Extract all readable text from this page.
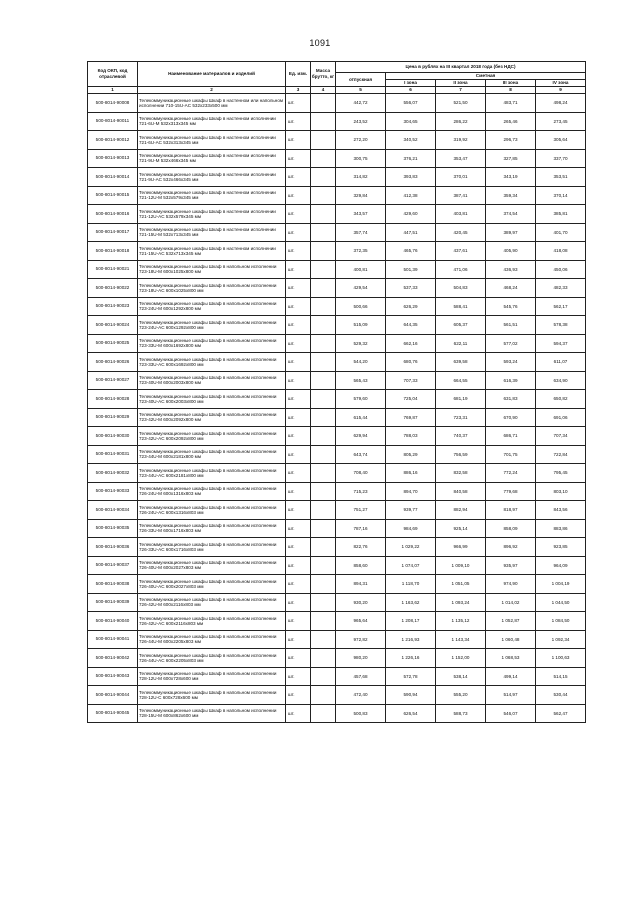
1091
Код ОКП, код отраслевой	Наименование материалов и изделий	Ед. изм.	Масса брутто, кг	Цена в рублях на III квартал 2018 года (без НДС)				
				отпускная	Сметная			
					I зона	II зона	III зона	IV зона
1	2	3	4	5	6	7	8	9
500-8014-90008	Телекоммуникационные шкафы Шкаф в настенном или напольном исполнении 710-15U-AC 532х233х500 мм	шт.		442,72	556,07	521,50	483,71	498,24
500-8014-90011	Телекоммуникационные шкафы Шкаф в настенном исполнении 721-6U-M 532х313х345 мм	шт.		243,52	304,65	286,22	265,46	273,45
500-8014-90012	Телекоммуникационные шкафы Шкаф в настенном исполнении 721-6U-AC 532х313х345 мм	шт.		272,20	340,52	319,92	296,73	305,64
500-8014-90013	Телекоммуникационные шкафы Шкаф в настенном исполнении 721-9U-M 532х466х345 мм	шт.		300,75	376,21	353,47	327,85	337,70
500-8014-90014	Телекоммуникационные шкафы Шкаф в настенном исполнении 721-9U-AC 532х466х345 мм	шт.		314,82	393,83	370,01	343,19	353,51
500-8014-90015	Телекоммуникационные шкафы Шкаф в настенном исполнении 721-12U-M 532х579х345 мм	шт.		329,84	412,38	387,41	359,34	370,14
500-8014-90016	Телекоммуникационные шкафы Шкаф в настенном исполнении 721-12U-AC 532х579х345 мм	шт.		343,57	429,60	403,81	374,54	385,81
500-8014-90017	Телекоммуникационные шкафы Шкаф в настенном исполнении 721-15U-M 532х713х345 мм	шт.		357,74	447,51	420,45	389,97	401,70
500-8014-90018	Телекоммуникационные шкафы Шкаф в настенном исполнении 721-15U-AC 532х713х345 мм	шт.		372,35	465,76	437,61	405,90	418,08
500-8014-90021	Телекоммуникационные шкафы Шкаф в напольном исполнении 723-18U-M 600х1025х800 мм	шт.		400,81	501,39	471,06	436,93	450,06
500-8014-90022	Телекоммуникационные шкафы Шкаф в напольном исполнении 723-18U-AC 600х1025х800 мм	шт.		429,54	537,33	504,83	468,24	482,33
500-8014-90023	Телекоммуникационные шкафы Шкаф в напольном исполнении 723-24U-M 600х1292х800 мм	шт.		500,66	626,29	588,41	545,76	562,17
500-8014-90024	Телекоммуникационные шкафы Шкаф в напольном исполнении 723-24U-AC 600х1292х800 мм	шт.		515,09	644,35	605,37	561,51	578,38
500-8014-90025	Телекоммуникационные шкафы Шкаф в напольном исполнении 723-33U-M 600х1692х800 мм	шт.		529,32	662,16	622,11	577,02	594,37
500-8014-90026	Телекоммуникационные шкафы Шкаф в напольном исполнении 723-33U-AC 600х1692х800 мм	шт.		544,20	680,76	639,58	593,24	611,07
500-8014-90027	Телекоммуникационные шкафы Шкаф в напольном исполнении 723-40U-M 600х2003х800 мм	шт.		565,43	707,33	664,55	616,39	634,90
500-8014-90028	Телекоммуникационные шкафы Шкаф в напольном исполнении 723-40U-AC 600х2003х800 мм	шт.		579,60	725,04	681,19	631,83	650,82
500-8014-90029	Телекоммуникационные шкафы Шкаф в напольном исполнении 723-42U-M 600х2092х800 мм	шт.		615,44	769,87	723,31	670,90	691,06
500-8014-90030	Телекоммуникационные шкафы Шкаф в напольном исполнении 723-42U-AC 600х2092х800 мм	шт.		629,94	788,03	740,37	686,71	707,34
500-8014-90031	Телекоммуникационные шкафы Шкаф в напольном исполнении 723-44U-M 600х2181х800 мм	шт.		643,74	805,29	756,59	701,75	722,84
500-8014-90032	Телекоммуникационные шкафы Шкаф в напольном исполнении 723-44U-AC 600х2181х800 мм	шт.		708,40	886,16	832,58	772,24	795,45
500-8014-90033	Телекоммуникационные шкафы Шкаф в напольном исполнении 726-24U-M 600х1316х803 мм	шт.		715,23	894,70	840,58	779,68	803,10
500-8014-90034	Телекоммуникационные шкафы Шкаф в напольном исполнении 726-24U-AC 600х1316х803 мм	шт.		751,27	939,77	882,94	818,97	843,56
500-8014-90035	Телекоммуникационные шкафы Шкаф в напольном исполнении 726-33U-M 600х1716х803 мм	шт.		787,16	984,69	925,14	858,09	883,86
500-8014-90036	Телекоммуникационные шкафы Шкаф в напольном исполнении 726-33U-AC 600х1716х803 мм	шт.		822,76	1 029,22	966,99	896,92	923,85
500-8014-90037	Телекоммуникационные шкафы Шкаф в напольном исполнении 726-40U-M 600х2027х803 мм	шт.		858,60	1 074,07	1 009,10	935,97	964,09
500-8014-90038	Телекоммуникационные шкафы Шкаф в напольном исполнении 726-40U-AC 600х2027х803 мм	шт.		894,31	1 118,70	1 051,05	974,90	1 004,19
500-8014-90039	Телекоммуникационные шкафы Шкаф в напольном исполнении 726-42U-M 600х2116х803 мм	шт.		930,20	1 163,62	1 093,24	1 014,02	1 044,50
500-8014-90040	Телекоммуникационные шкафы Шкаф в напольном исполнении 726-42U-AC 600х2116х803 мм	шт.		965,64	1 208,17	1 135,12	1 052,87	1 084,50
500-8014-90041	Телекоммуникационные шкафы Шкаф в напольном исполнении 726-44U-M 600х2205х803 мм	шт.		972,82	1 216,93	1 143,34	1 060,48	1 092,34
500-8014-90042	Телекоммуникационные шкафы Шкаф в напольном исполнении 726-44U-AC 600х2205х803 мм	шт.		980,20	1 226,16	1 152,00	1 068,53	1 100,63
500-8014-90043	Телекоммуникационные шкафы Шкаф в напольном исполнении 728-12U-M 600х728х600 мм	шт.		457,68	572,78	538,14	499,14	514,15
500-8014-90044	Телекоммуникационные шкафы Шкаф в напольном исполнении 728-12U-C 600х728х600 мм	шт.		472,40	590,94	555,20	514,97	530,44
500-8014-90045	Телекоммуникационные шкафы Шкаф в напольном исполнении 728-15U-M 600х862х600 мм	шт.		500,83	626,54	588,73	546,07	562,47
